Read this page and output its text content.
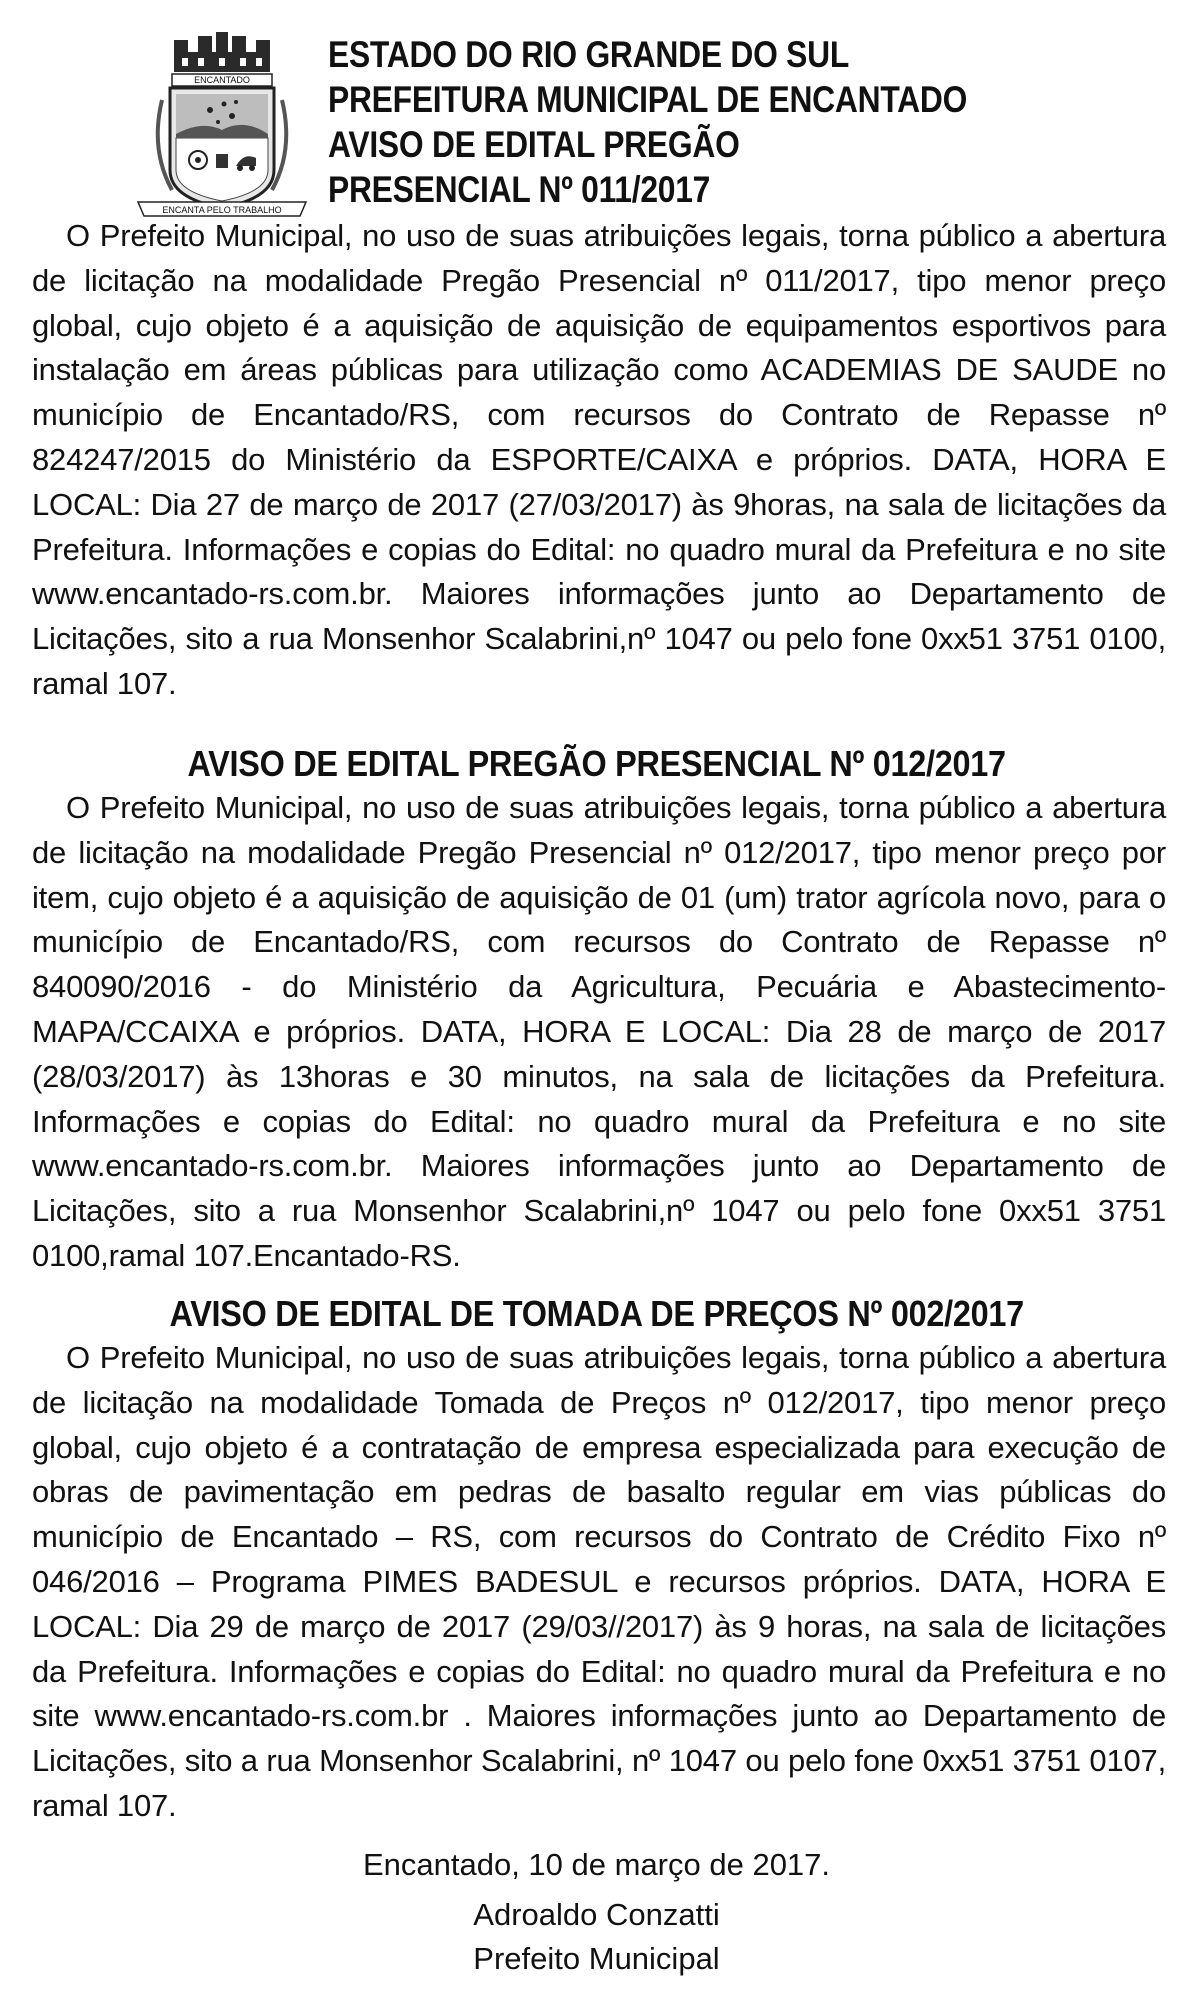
ENCANTADO
ENCANTA PELO TRABALHO
ESTADO DO RIO GRANDE DO SUL
PREFEITURA MUNICIPAL DE ENCANTADO
AVISO DE EDITAL PREGÃO
PRESENCIAL Nº 011/2017

O Prefeito Municipal, no uso de suas atribuições legais, torna público a abertura de licitação na modalidade Pregão Presencial nº 011/2017, tipo menor preço global, cujo objeto é a aquisição de aquisição de equipamentos esportivos para instalação em áreas públicas para utilização como ACADEMIAS DE SAUDE no município de Encantado/RS, com recursos do Contrato de Repasse nº 824247/2015 do Ministério da ESPORTE/CAIXA e próprios. DATA, HORA E LOCAL: Dia 27 de março de 2017 (27/03/2017) às 9horas, na sala de licitações da Prefeitura. Informações e copias do Edital: no quadro mural da Prefeitura e no site www.encantado-rs.com.br. Maiores informações junto ao Departamento de Licitações, sito a rua Monsenhor Scalabrini,nº 1047 ou pelo fone 0xx51 3751 0100, ramal 107.

AVISO DE EDITAL PREGÃO PRESENCIAL Nº 012/2017

O Prefeito Municipal, no uso de suas atribuições legais, torna público a abertura de licitação na modalidade Pregão Presencial nº 012/2017, tipo menor preço por item, cujo objeto é a aquisição de aquisição de 01 (um) trator agrícola novo, para o município de Encantado/RS, com recursos do Contrato de Repasse nº 840090/2016 - do Ministério da Agricultura, Pecuária e Abastecimento-MAPA/CCAIXA e próprios. DATA, HORA E LOCAL: Dia 28 de março de 2017 (28/03/2017) às 13horas e 30 minutos, na sala de licitações da Prefeitura. Informações e copias do Edital: no quadro mural da Prefeitura e no site www.encantado-rs.com.br. Maiores informações junto ao Departamento de Licitações, sito a rua Monsenhor Scalabrini,nº 1047 ou pelo fone 0xx51 3751 0100,ramal 107.Encantado-RS.

AVISO DE EDITAL DE TOMADA DE PREÇOS Nº 002/2017

O Prefeito Municipal, no uso de suas atribuições legais, torna público a abertura de licitação na modalidade Tomada de Preços nº 012/2017, tipo menor preço global, cujo objeto é a contratação de empresa especializada para execução de obras de pavimentação em pedras de basalto regular em vias públicas do município de Encantado – RS, com recursos do Contrato de Crédito Fixo nº 046/2016 – Programa PIMES BADESUL e recursos próprios. DATA, HORA E LOCAL: Dia 29 de março de 2017 (29/03//2017) às 9 horas, na sala de licitações da Prefeitura. Informações e copias do Edital: no quadro mural da Prefeitura e no site www.encantado-rs.com.br . Maiores informações junto ao Departamento de Licitações, sito a rua Monsenhor Scalabrini, nº 1047 ou pelo fone 0xx51 3751 0107, ramal 107.

Encantado, 10 de março de 2017.
Adroaldo Conzatti
Prefeito Municipal
